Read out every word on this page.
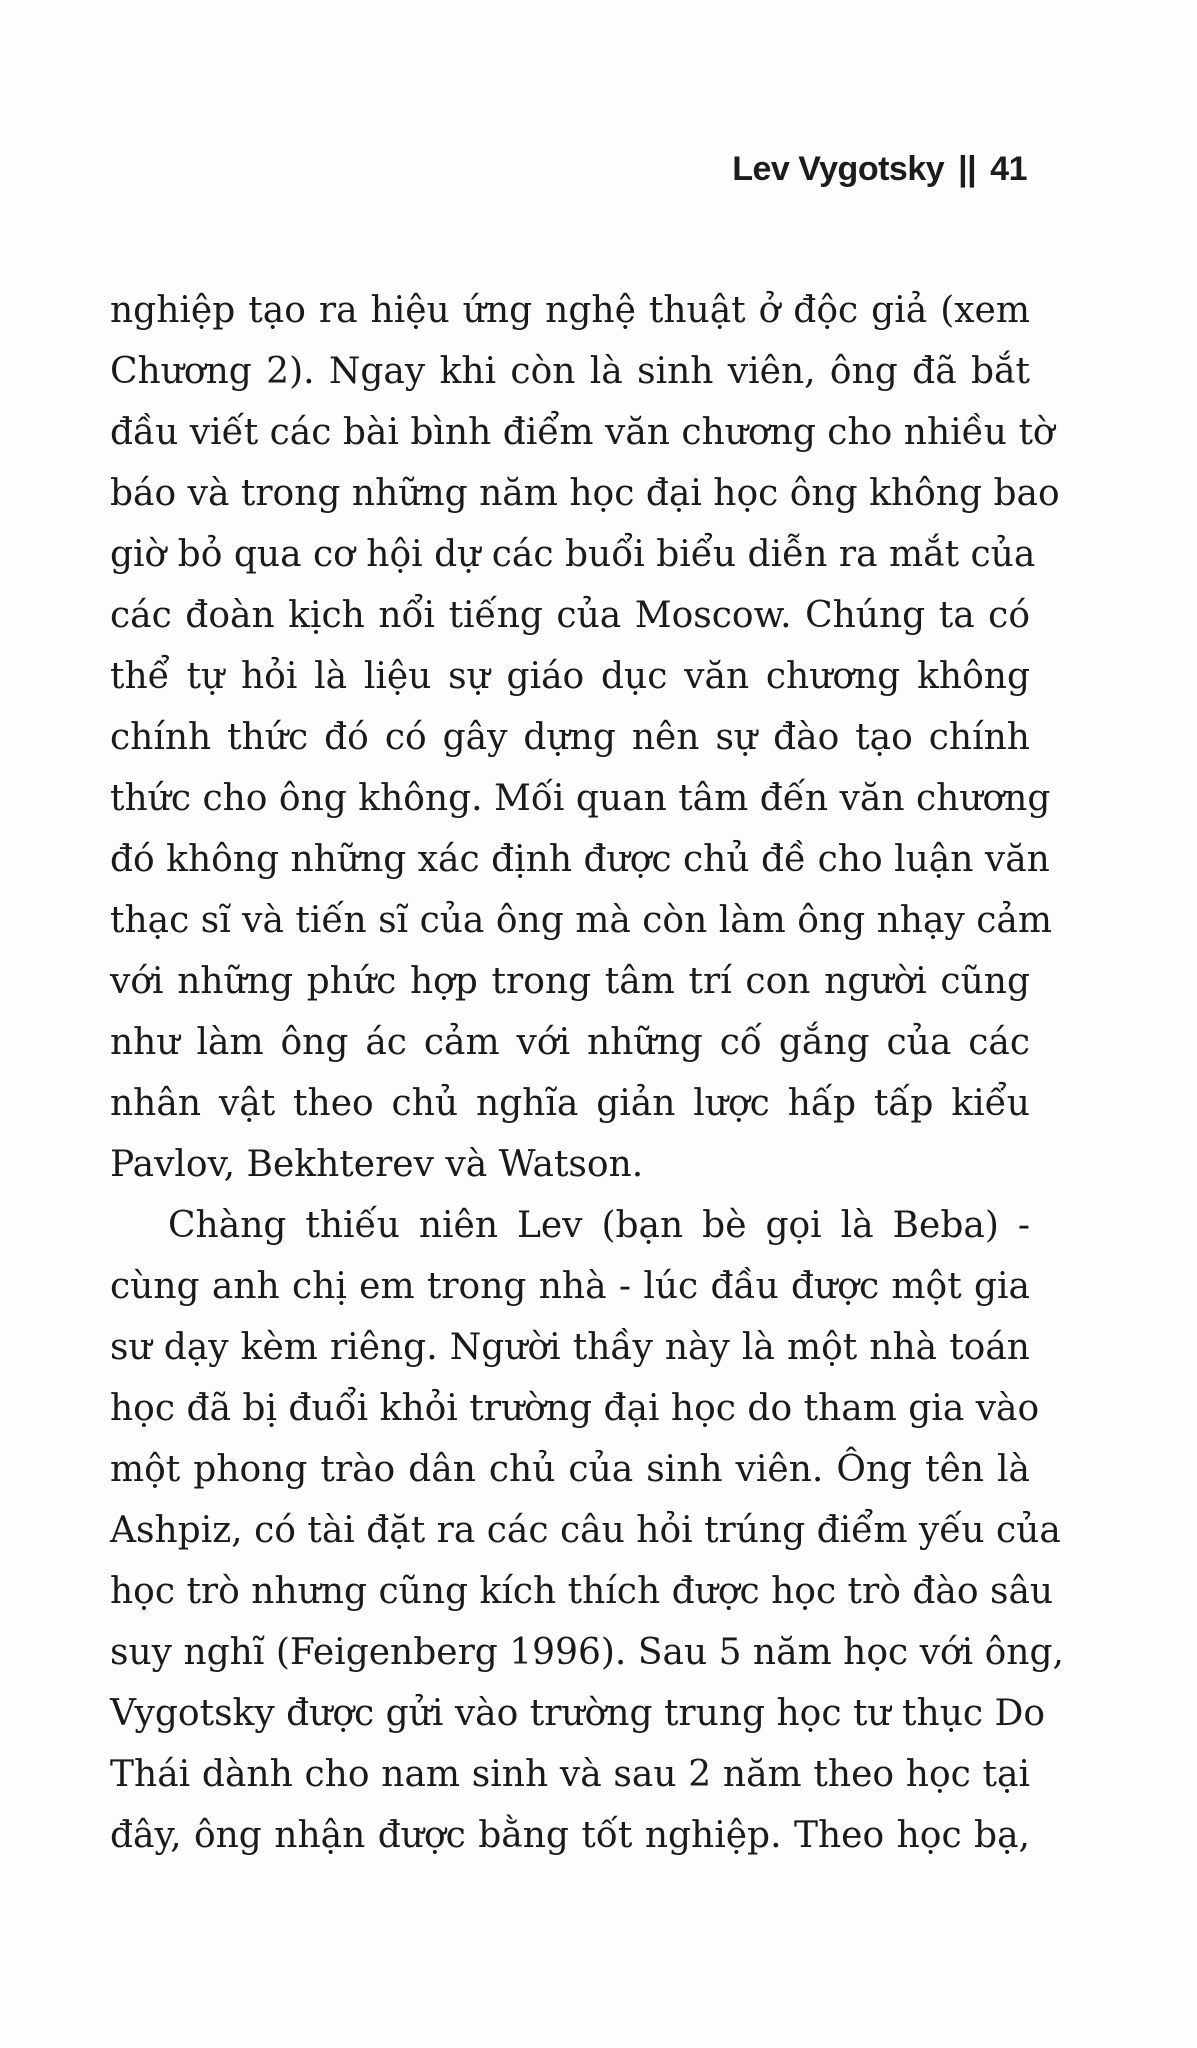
Lev Vygotsky || 41
nghiệp tạo ra hiệu ứng nghệ thuật ở độc giả (xem
Chương 2). Ngay khi còn là sinh viên, ông đã bắt
đầu viết các bài bình điểm văn chương cho nhiều tờ
báo và trong những năm học đại học ông không bao
giờ bỏ qua cơ hội dự các buổi biểu diễn ra mắt của
các đoàn kịch nổi tiếng của Moscow. Chúng ta có
thể tự hỏi là liệu sự giáo dục văn chương không
chính thức đó có gây dựng nên sự đào tạo chính
thức cho ông không. Mối quan tâm đến văn chương
đó không những xác định được chủ đề cho luận văn
thạc sĩ và tiến sĩ của ông mà còn làm ông nhạy cảm
với những phức hợp trong tâm trí con người cũng
như làm ông ác cảm với những cố gắng của các
nhân vật theo chủ nghĩa giản lược hấp tấp kiểu
Pavlov, Bekhterev và Watson.
Chàng thiếu niên Lev (bạn bè gọi là Beba) -
cùng anh chị em trong nhà - lúc đầu được một gia
sư dạy kèm riêng. Người thầy này là một nhà toán
học đã bị đuổi khỏi trường đại học do tham gia vào
một phong trào dân chủ của sinh viên. Ông tên là
Ashpiz, có tài đặt ra các câu hỏi trúng điểm yếu của
học trò nhưng cũng kích thích được học trò đào sâu
suy nghĩ (Feigenberg 1996). Sau 5 năm học với ông,
Vygotsky được gửi vào trường trung học tư thục Do
Thái dành cho nam sinh và sau 2 năm theo học tại
đây, ông nhận được bằng tốt nghiệp. Theo học bạ,
